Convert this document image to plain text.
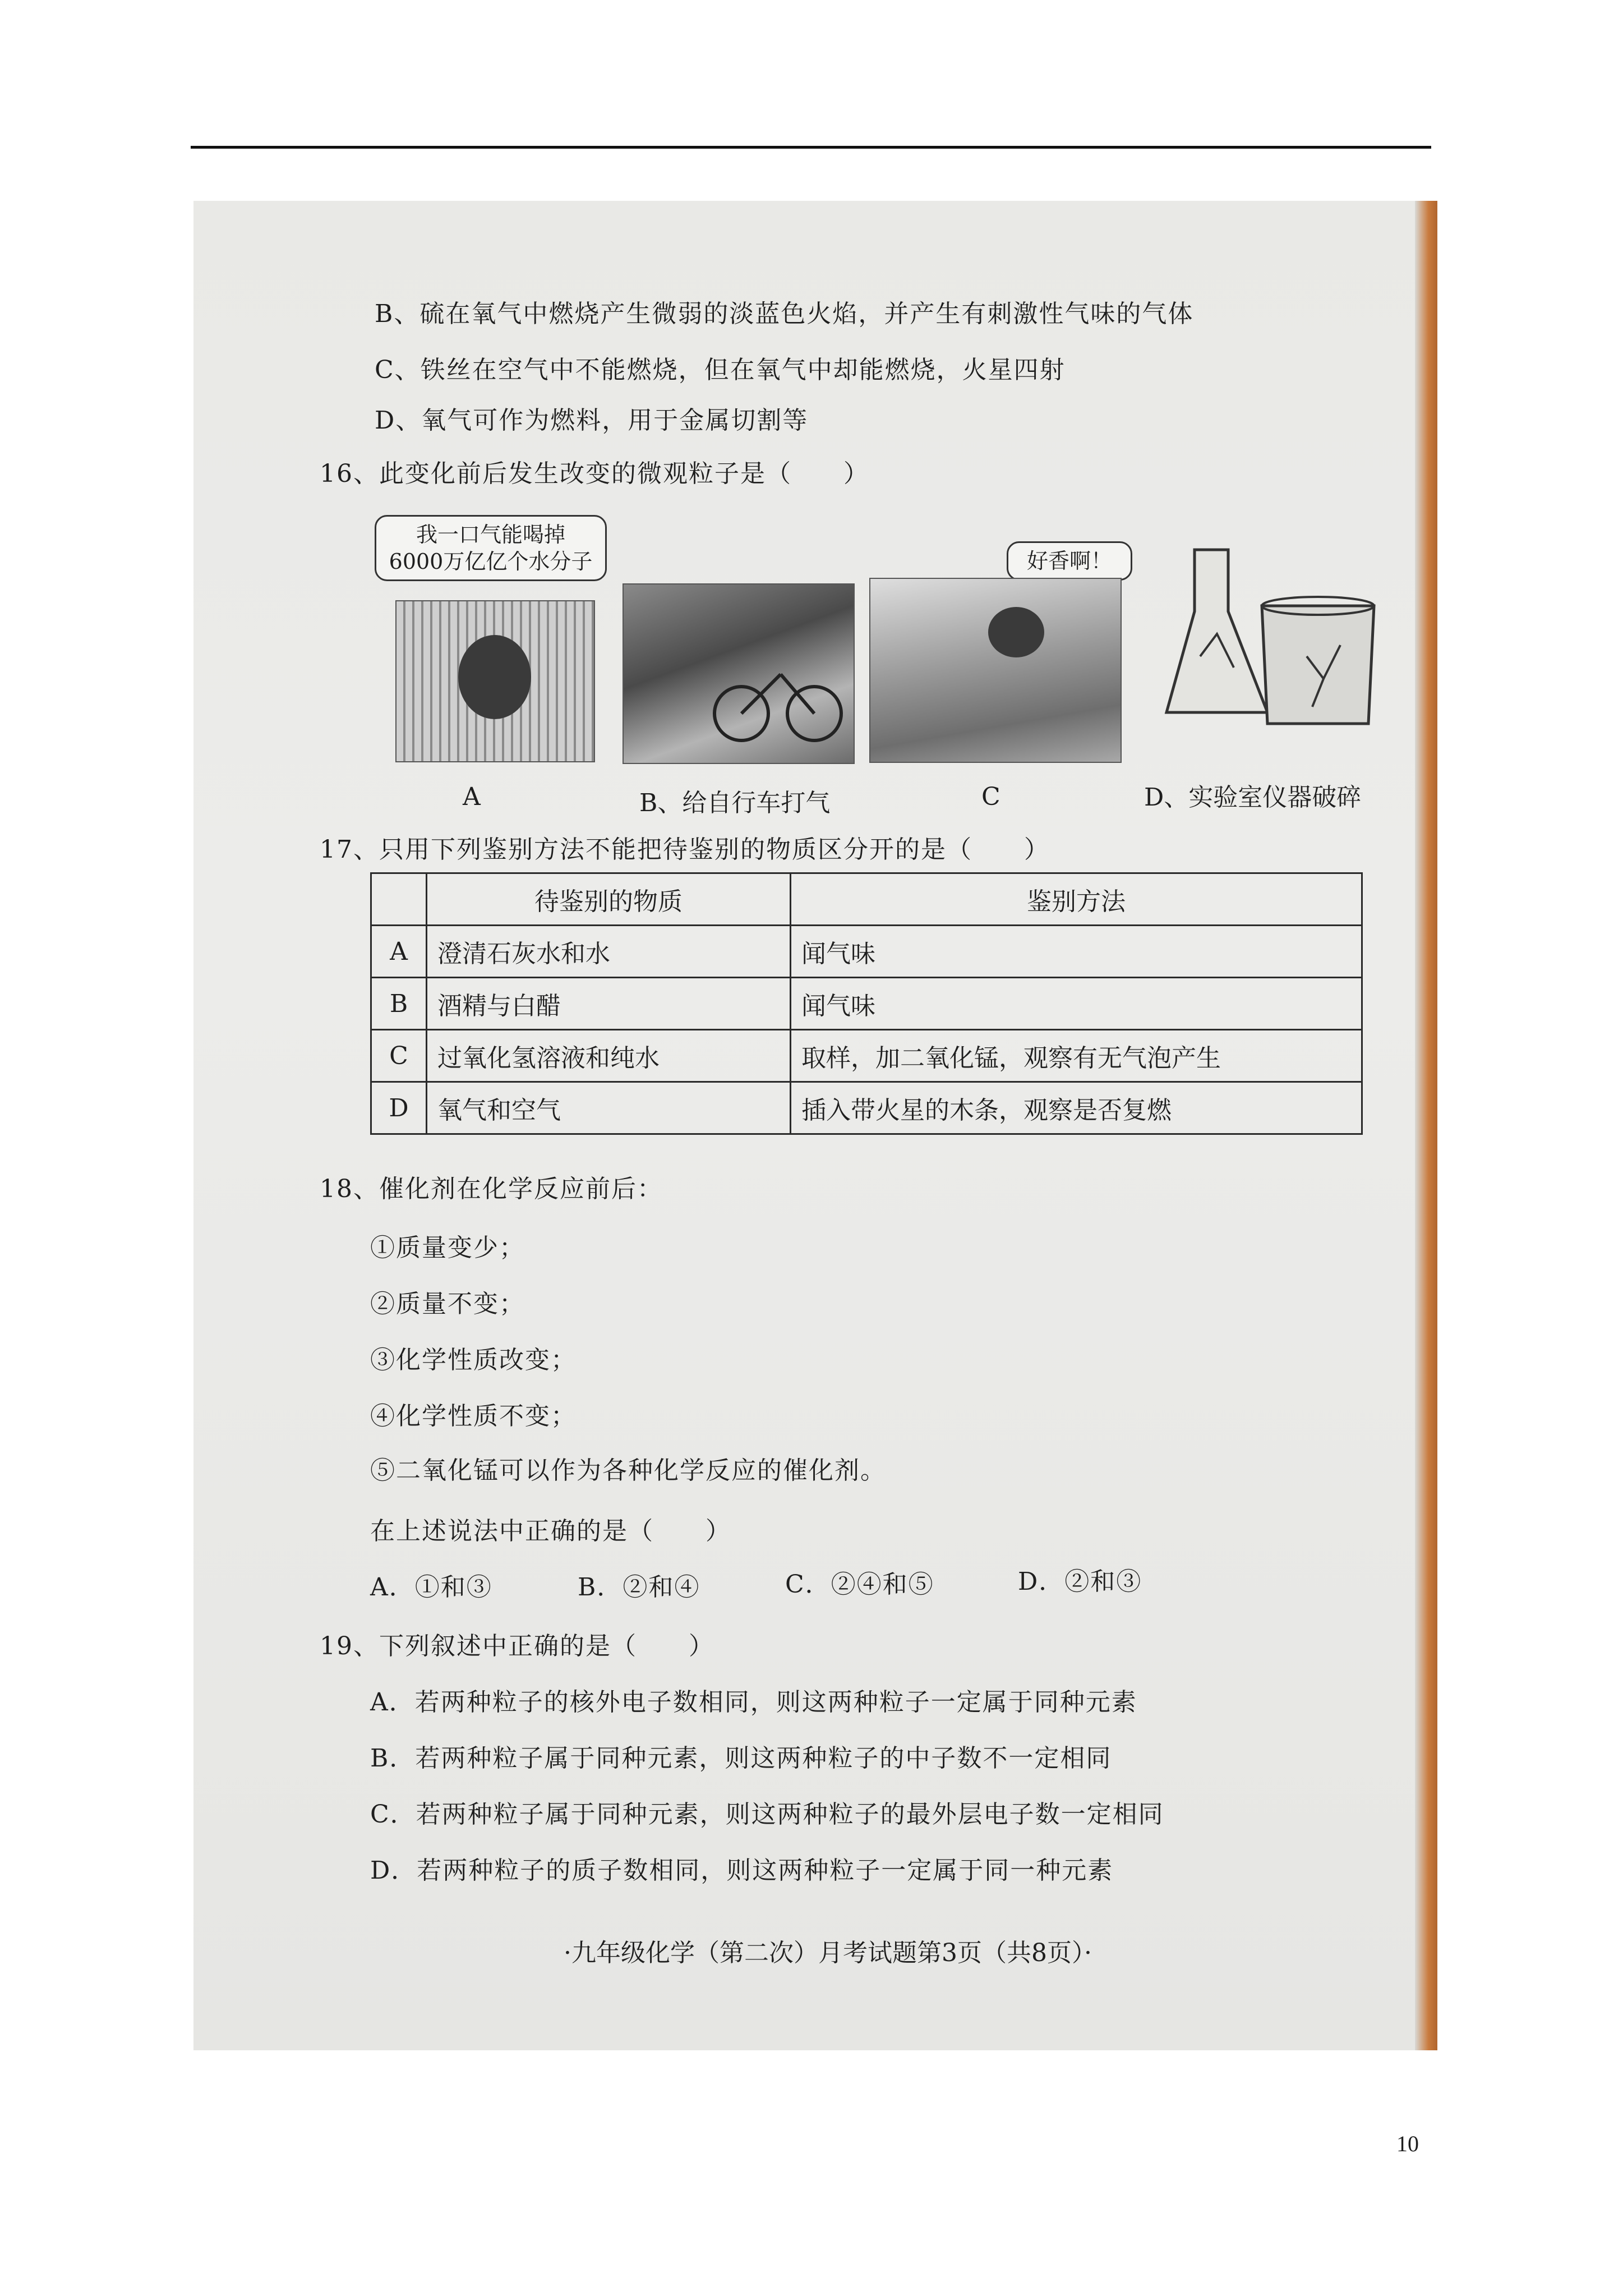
B、硫在氧气中燃烧产生微弱的淡蓝色火焰，并产生有刺激性气味的气体
C、铁丝在空气中不能燃烧，但在氧气中却能燃烧，火星四射
D、氧气可作为燃料，用于金属切割等
16、此变化前后发生改变的微观粒子是（　　）
我一口气能喝掉
6000万亿亿个水分子	好香啊！
A	B、给自行车打气	C	D、实验室仪器破碎
17、只用下列鉴别方法不能把待鉴别的物质区分开的是（　　）
	待鉴别的物质	鉴别方法
A	澄清石灰水和水	闻气味
B	酒精与白醋	闻气味
C	过氧化氢溶液和纯水	取样，加二氧化锰，观察有无气泡产生
D	氧气和空气	插入带火星的木条，观察是否复燃
18、催化剂在化学反应前后：
①质量变少；
②质量不变；
③化学性质改变；
④化学性质不变；
⑤二氧化锰可以作为各种化学反应的催化剂。
在上述说法中正确的是（　　）
A．①和③	B．②和④	C．②④和⑤	D．②和③
19、下列叙述中正确的是（　　）
A．若两种粒子的核外电子数相同，则这两种粒子一定属于同种元素
B．若两种粒子属于同种元素，则这两种粒子的中子数不一定相同
C．若两种粒子属于同种元素，则这两种粒子的最外层电子数一定相同
D．若两种粒子的质子数相同，则这两种粒子一定属于同一种元素
·九年级化学（第二次）月考试题第3页（共8页）·
10
